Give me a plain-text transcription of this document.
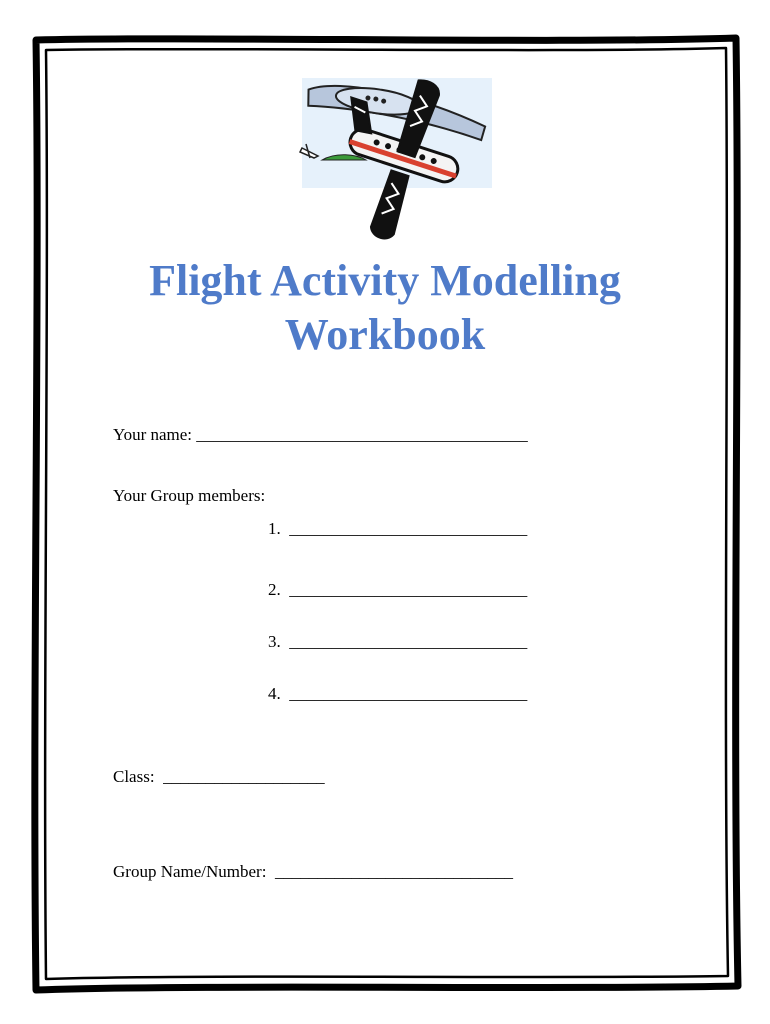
Flight Activity Modelling
Workbook
Your name: _______________________________________
Your Group members:
1. ____________________________
2. ____________________________
3. ____________________________
4. ____________________________
Class: ___________________
Group Name/Number: ____________________________
